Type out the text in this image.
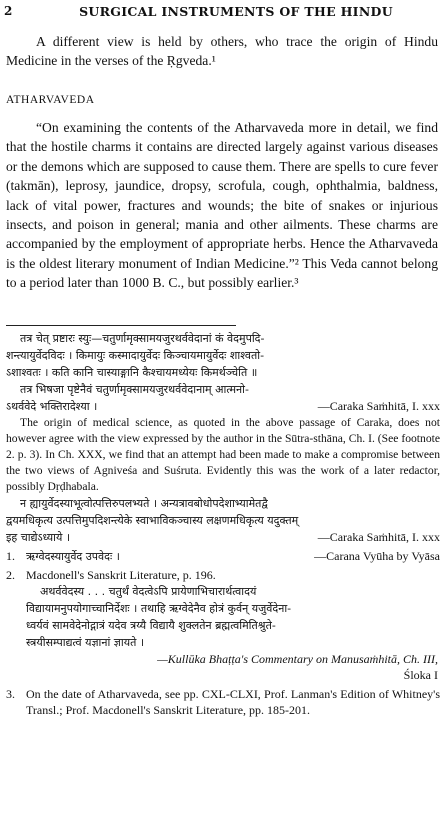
2	SURGICAL INSTRUMENTS OF THE HINDU

A different view is held by others, who trace the origin of Hindu Medicine in the verses of the Ṛgveda.¹

ATHARVAVEDA

“On examining the contents of the Atharvaveda more in detail, we find that the hostile charms it contains are directed largely against various diseases or the demons which are supposed to cause them. There are spells to cure fever (takmān), leprosy, jaundice, dropsy, scrofula, cough, ophthalmia, baldness, lack of vital power, fractures and wounds; the bite of snakes or injurious insects, and poison in general; mania and other ailments. These charms are accompanied by the employment of appropriate herbs. Hence the Atharvaveda is the oldest literary monument of Indian Medicine.”² This Veda cannot belong to a period later than 1000 B. C., but possibly earlier.³

तत्र चेत् प्रष्टारः स्युः—चतुर्णामृक्सामयजुरथर्ववेदानां कं वेदमुपदि-

शन्त्यायुर्वेदविदः । किमायुः कस्मादायुर्वेदः किञ्चायमायुर्वेदः शाश्वतो-

ऽशाश्वतः । कति कानि चास्याङ्गानि कैश्चायमध्येयः किमर्थञ्चेति ॥

तत्र भिषजा पृष्टेनैवं चतुर्णामृक्सामयजुरथर्ववेदानाम् आत्मनो-

ऽथर्ववेदे भक्तिरादेश्या ।	—Caraka Saṁhitā, I. xxx

The origin of medical science, as quoted in the above passage of Caraka, does not however agree with the view expressed by the author in the Sūtra-sthāna, Ch. I. (See footnote 2. p. 3). In Ch. XXX, we find that an attempt had been made to make a compromise between the two views of Agniveśa and Suśruta. Evidently this was the work of a later redactor, possibly Dṛḍhabala.

न ह्यायुर्वेदस्याभूत्वोत्पत्तिरुपलभ्यते । अन्यत्रावबोधोपदेशाभ्यामेतद्वै

द्वयमधिकृत्य उत्पत्तिमुपदिशन्त्येके स्वाभाविकञ्चास्य लक्षणमधिकृत्य यदुक्तम्

इह चाद्येऽध्याये ।	—Caraka Saṁhitā, I. xxx
1.	ऋग्वेदस्यायुर्वेद उपवेदः ।	—Carana Vyūha by Vyāsa
2. Macdonell's Sanskrit Literature, p. 196.

अथर्ववेदस्य . . . चतुर्थं वेदत्वेऽपि प्रायेणाभिचारार्थत्वादयं

विद्यायामनुपयोगाच्चानिर्देशः । तथाहि ऋग्वेदेनैव होत्रं कुर्वन् यजुर्वेदेना-

ध्वर्यवं सामवेदेनोद्गात्रं यदेव त्रय्यै विद्यायै शुक्लतेन ब्रह्मत्वमितिश्रुते-

स्त्रयीसम्पाद्यत्वं यज्ञानां ज्ञायते ।

—Kullūka Bhaṭṭa's Commentary on Manusaṁhitā, Ch. III,

Śloka I

3. On the date of Atharvaveda, see pp. CXL-CLXI, Prof. Lanman's Edition of Whitney's Transl.; Prof. Macdonell's Sanskrit Literature, pp. 185-201.
